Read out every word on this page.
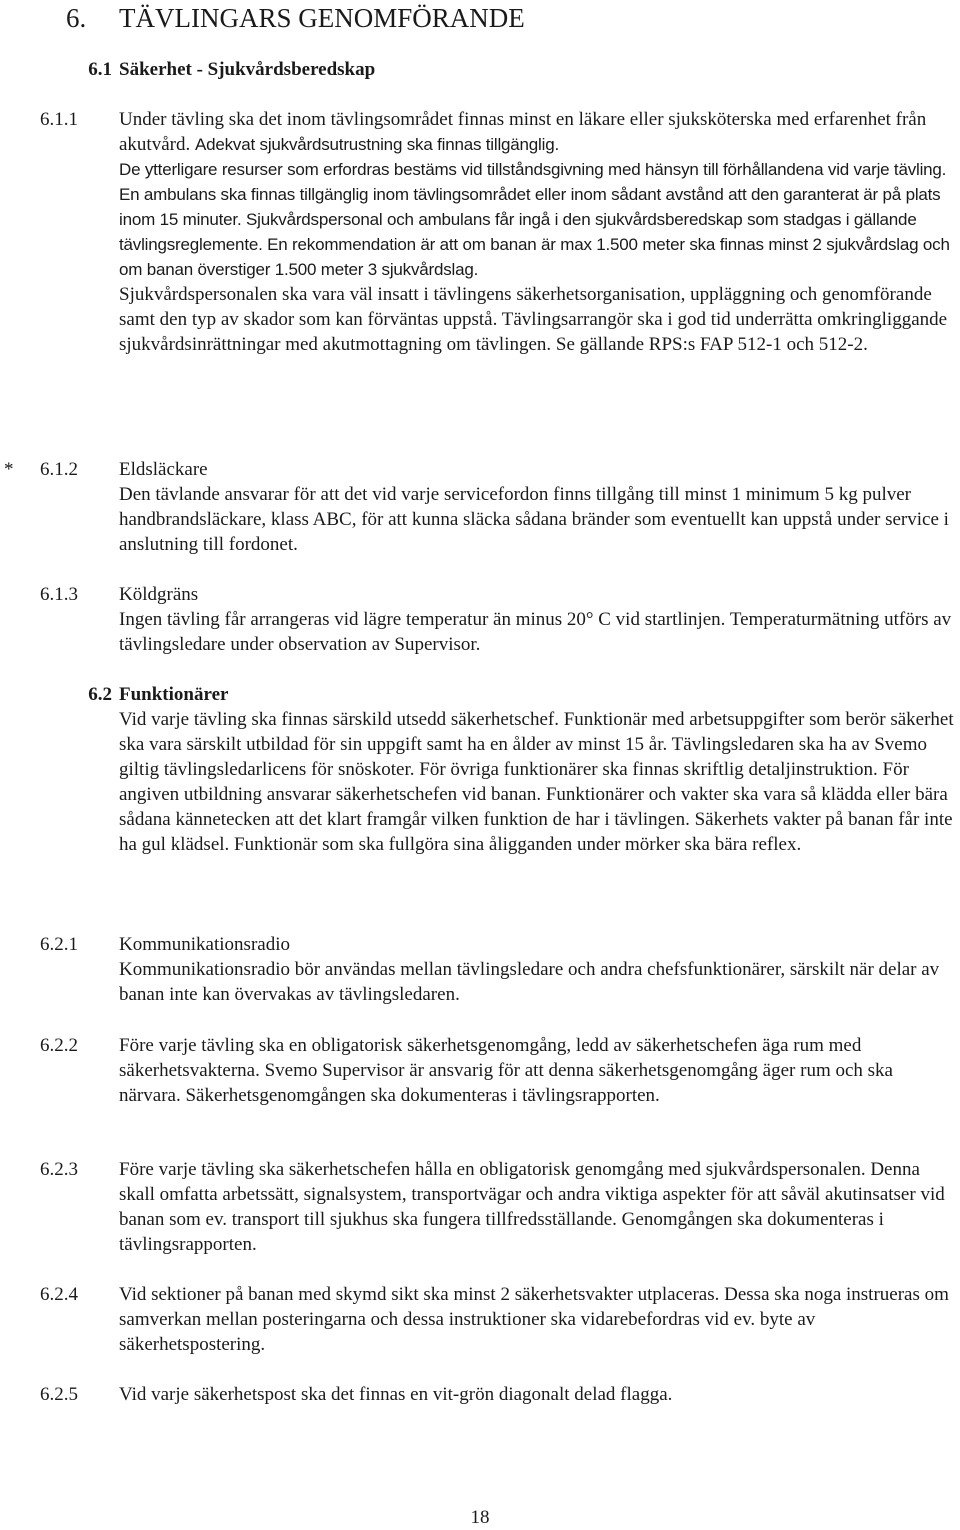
6. TÄVLINGARS GENOMFÖRANDE
6.1 Säkerhet - Sjukvårdsberedskap
6.1.1	Under tävling ska det inom tävlingsområdet finnas minst en läkare eller sjuksköterska med erfarenhet från akutvård. Adekvat sjukvårdsutrustning ska finnas tillgänglig.
De ytterligare resurser som erfordras bestäms vid tillståndsgivning med hänsyn till förhållandena vid varje tävling.
En ambulans ska finnas tillgänglig inom tävlingsområdet eller inom sådant avstånd att den garanterat är på plats inom 15 minuter. Sjukvårdspersonal och ambulans får ingå i den sjukvårdsberedskap som stadgas i gällande tävlingsreglemente. En rekommendation är att om banan är max 1.500 meter ska finnas minst 2 sjukvårdslag och om banan överstiger 1.500 meter 3 sjukvårdslag.
Sjukvårdspersonalen ska vara väl insatt i tävlingens säkerhetsorganisation, uppläggning och genomförande samt den typ av skador som kan förväntas uppstå. Tävlingsarrangör ska i god tid underrätta omkringliggande sjukvårdsinrättningar med akutmottagning om tävlingen. Se gällande RPS:s FAP 512-1 och 512-2.
* 6.1.2	Eldsläckare
Den tävlande ansvarar för att det vid varje servicefordon finns tillgång till minst 1 minimum 5 kg pulver handbrandsläckare, klass ABC, för att kunna släcka sådana bränder som eventuellt kan uppstå under service i anslutning till fordonet.
6.1.3	Köldgräns
Ingen tävling får arrangeras vid lägre temperatur än minus 20° C vid startlinjen. Temperaturmätning utförs av tävlingsledare under observation av Supervisor.
6.2 Funktionärer
Vid varje tävling ska finnas särskild utsedd säkerhetschef. Funktionär med arbetsuppgifter som berör säkerhet ska vara särskilt utbildad för sin uppgift samt ha en ålder av minst 15 år. Tävlingsledaren ska ha av Svemo giltig tävlingsledarlicens för snöskoter. För övriga funktionärer ska finnas skriftlig detaljinstruktion. För angiven utbildning ansvarar säkerhetschefen vid banan. Funktionärer och vakter ska vara så klädda eller bära sådana kännetecken att det klart framgår vilken funktion de har i tävlingen. Säkerhets vakter på banan får inte ha gul klädsel. Funktionär som ska fullgöra sina åligganden under mörker ska bära reflex.
6.2.1	Kommunikationsradio
Kommunikationsradio bör användas mellan tävlingsledare och andra chefsfunktionärer, särskilt när delar av banan inte kan övervakas av tävlingsledaren.
6.2.2	Före varje tävling ska en obligatorisk säkerhetsgenomgång, ledd av säkerhetschefen äga rum med säkerhetsvakterna. Svemo Supervisor är ansvarig för att denna säkerhetsgenomgång äger rum och ska närvara. Säkerhetsgenomgången ska dokumenteras i tävlingsrapporten.
6.2.3	Före varje tävling ska säkerhetschefen hålla en obligatorisk genomgång med sjukvårdspersonalen. Denna skall omfatta arbetssätt, signalsystem, transportvägar och andra viktiga aspekter för att såväl akutinsatser vid banan som ev. transport till sjukhus ska fungera tillfredsställande. Genomgången ska dokumenteras i tävlingsrapporten.
6.2.4	Vid sektioner på banan med skymd sikt ska minst 2 säkerhetsvakter utplaceras. Dessa ska noga instrueras om samverkan mellan posteringarna och dessa instruktioner ska vidarebefordras vid ev. byte av säkerhetspostering.
6.2.5	Vid varje säkerhetspost ska det finnas en vit-grön diagonalt delad flagga.
18
